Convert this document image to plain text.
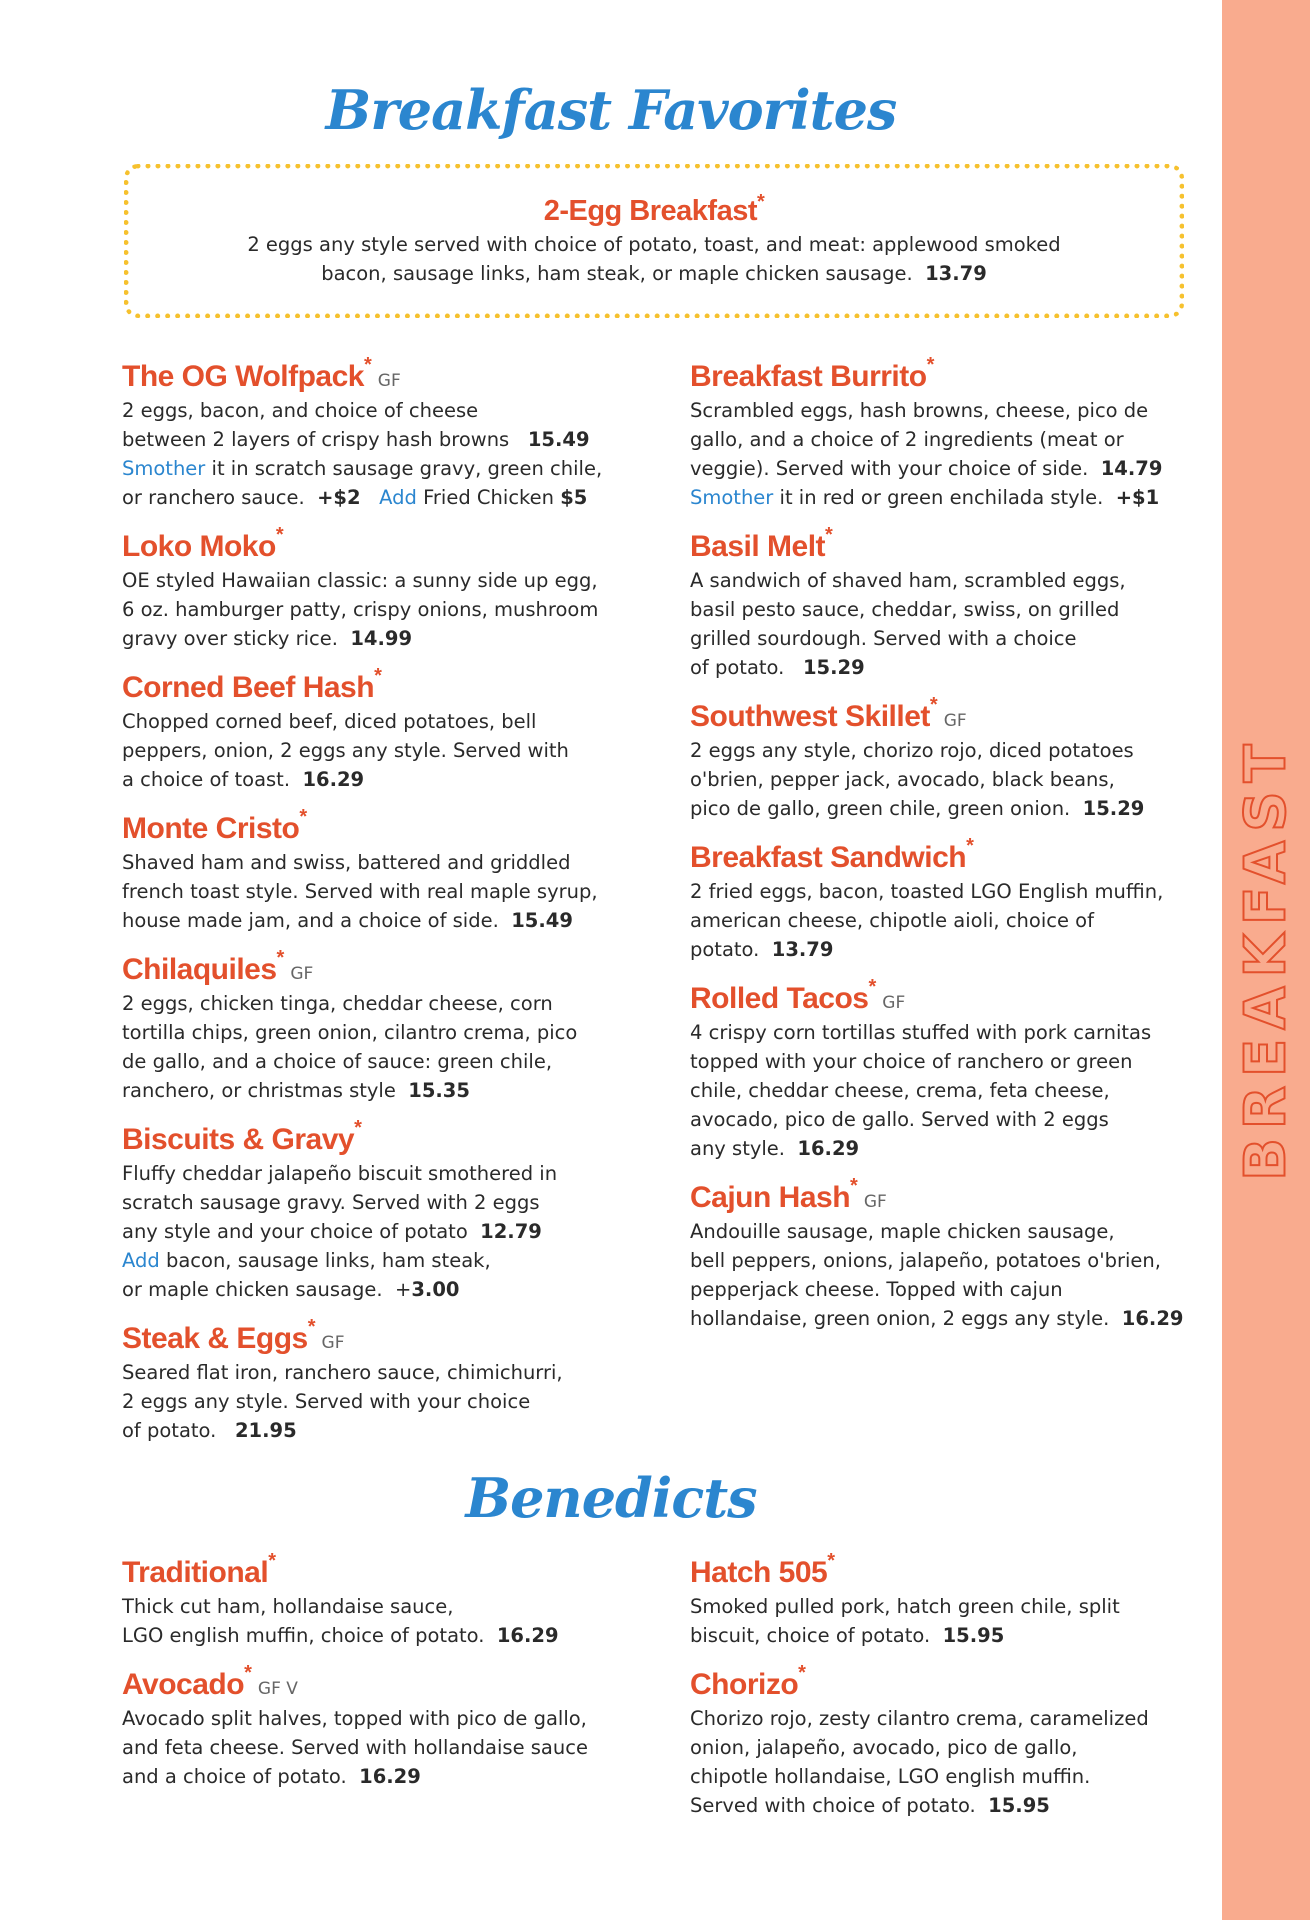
BREAKFAST
Breakfast Favorites
2-Egg Breakfast*
2 eggs any style served with choice of potato, toast, and meat: applewood smoked
bacon, sausage links, ham steak, or maple chicken sausage. 13.79
The OG Wolfpack*GF
2 eggs, bacon, and choice of cheese
between 2 layers of crispy hash browns 15.49
Smother it in scratch sausage gravy, green chile,
or ranchero sauce. +$2 Add Fried Chicken $5
Loko Moko*
OE styled Hawaiian classic: a sunny side up egg,
6 oz. hamburger patty, crispy onions, mushroom
gravy over sticky rice. 14.99
Corned Beef Hash*
Chopped corned beef, diced potatoes, bell
peppers, onion, 2 eggs any style. Served with
a choice of toast. 16.29
Monte Cristo*
Shaved ham and swiss, battered and griddled
french toast style. Served with real maple syrup,
house made jam, and a choice of side. 15.49
Chilaquiles*GF
2 eggs, chicken tinga, cheddar cheese, corn
tortilla chips, green onion, cilantro crema, pico
de gallo, and a choice of sauce: green chile,
ranchero, or christmas style 15.35
Biscuits & Gravy*
Fluffy cheddar jalapeño biscuit smothered in
scratch sausage gravy. Served with 2 eggs
any style and your choice of potato 12.79
Add bacon, sausage links, ham steak,
or maple chicken sausage. +3.00
Steak & Eggs*GF
Seared flat iron, ranchero sauce, chimichurri,
2 eggs any style. Served with your choice
of potato. 21.95
Breakfast Burrito*
Scrambled eggs, hash browns, cheese, pico de
gallo, and a choice of 2 ingredients (meat or
veggie). Served with your choice of side. 14.79
Smother it in red or green enchilada style. +$1
Basil Melt*
A sandwich of shaved ham, scrambled eggs,
basil pesto sauce, cheddar, swiss, on grilled
grilled sourdough. Served with a choice
of potato. 15.29
Southwest Skillet*GF
2 eggs any style, chorizo rojo, diced potatoes
o'brien, pepper jack, avocado, black beans,
pico de gallo, green chile, green onion. 15.29
Breakfast Sandwich*
2 fried eggs, bacon, toasted LGO English muffin,
american cheese, chipotle aioli, choice of
potato. 13.79
Rolled Tacos*GF
4 crispy corn tortillas stuffed with pork carnitas
topped with your choice of ranchero or green
chile, cheddar cheese, crema, feta cheese,
avocado, pico de gallo. Served with 2 eggs
any style. 16.29
Cajun Hash*GF
Andouille sausage, maple chicken sausage,
bell peppers, onions, jalapeño, potatoes o'brien,
pepperjack cheese. Topped with cajun
hollandaise, green onion, 2 eggs any style. 16.29
Benedicts
Traditional*
Thick cut ham, hollandaise sauce,
LGO english muffin, choice of potato. 16.29
Avocado*GF V
Avocado split halves, topped with pico de gallo,
and feta cheese. Served with hollandaise sauce
and a choice of potato. 16.29
Hatch 505*
Smoked pulled pork, hatch green chile, split
biscuit, choice of potato. 15.95
Chorizo*
Chorizo rojo, zesty cilantro crema, caramelized
onion, jalapeño, avocado, pico de gallo,
chipotle hollandaise, LGO english muffin.
Served with choice of potato. 15.95
